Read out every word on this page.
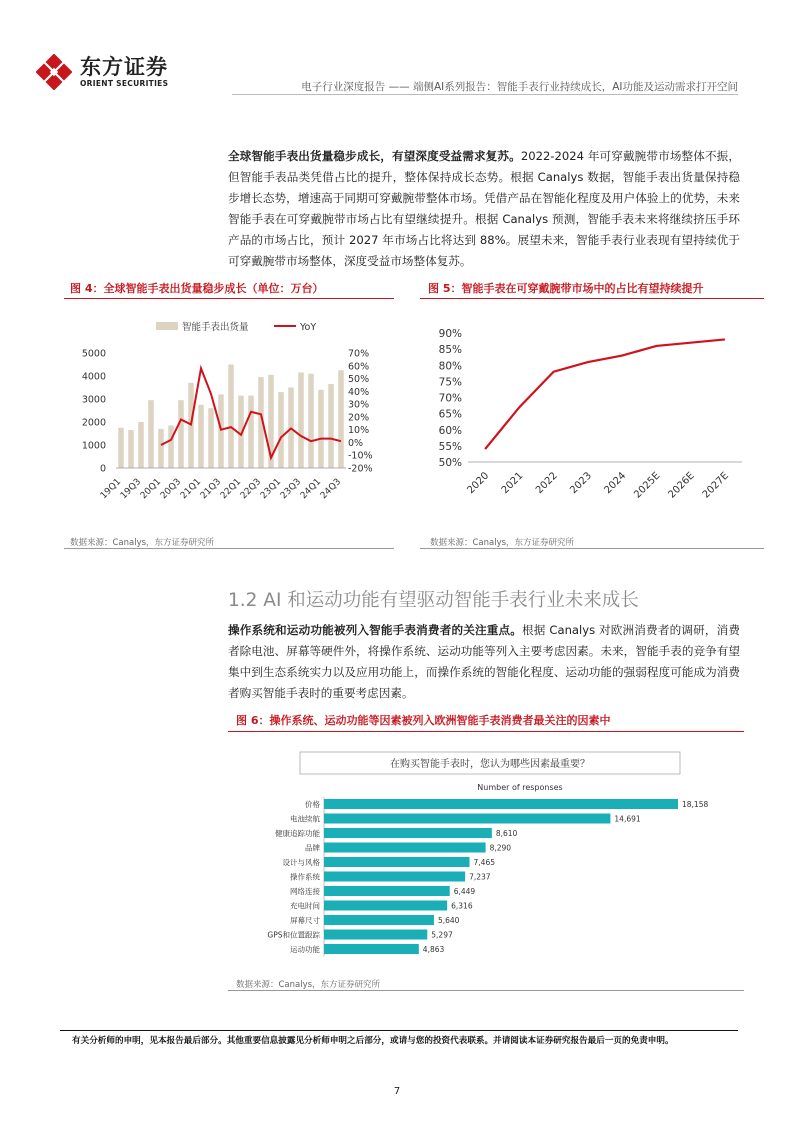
东方证券
ORIENT SECURITIES	电子行业深度报告 —— 端侧AI系列报告：智能手表行业持续成长，AI功能及运动需求打开空间
全球智能手表出货量稳步成长，有望深度受益需求复苏。2022-2024 年可穿戴腕带市场整体不振，但智能手表品类凭借占比的提升，整体保持成长态势。根据 Canalys 数据，智能手表出货量保持稳步增长态势，增速高于同期可穿戴腕带整体市场。凭借产品在智能化程度及用户体验上的优势，未来智能手表在可穿戴腕带市场占比有望继续提升。根据 Canalys 预测，智能手表未来将继续挤压手环产品的市场占比，预计 2027 年市场占比将达到 88%。展望未来，智能手表行业表现有望持续优于可穿戴腕带市场整体，深度受益市场整体复苏。
图 4：全球智能手表出货量稳步成长（单位：万台）
智能手表出货量	YoY
0
1000
2000
3000
4000
5000
-20%
-10%
0%
10%
20%
30%
40%
50%
60%
70%
19Q1
19Q3
20Q1
20Q3
21Q1
21Q3
22Q1
22Q3
23Q1
23Q3
24Q1
24Q3
数据来源：Canalys，东方证券研究所
图 5：智能手表在可穿戴腕带市场中的占比有望持续提升
50%
55%
60%
65%
70%
75%
80%
85%
90%
2020 2021 2022 2023 2024 2025E 2026E 2027E
数据来源：Canalys，东方证券研究所
1.2 AI 和运动功能有望驱动智能手表行业未来成长
操作系统和运动功能被列入智能手表消费者的关注重点。根据 Canalys 对欧洲消费者的调研，消费者除电池、屏幕等硬件外，将操作系统、运动功能等列入主要考虑因素。未来，智能手表的竞争有望集中到生态系统实力以及应用功能上，而操作系统的智能化程度、运动功能的强弱程度可能成为消费者购买智能手表时的重要考虑因素。
图 6：操作系统、运动功能等因素被列入欧洲智能手表消费者最关注的因素中
在购买智能手表时，您认为哪些因素最重要？
Number of responses
价格	18,158
电池续航	14,691
健康追踪功能	8,610
品牌	8,290
设计与风格	7,465
操作系统	7,237
网络连接	6,449
充电时间	6,316
屏幕尺寸	5,640
GPS和位置跟踪	5,297
运动功能	4,863
数据来源：Canalys，东方证券研究所
有关分析师的申明，见本报告最后部分。其他重要信息披露见分析师申明之后部分，或请与您的投资代表联系。并请阅读本证券研究报告最后一页的免责申明。
7
